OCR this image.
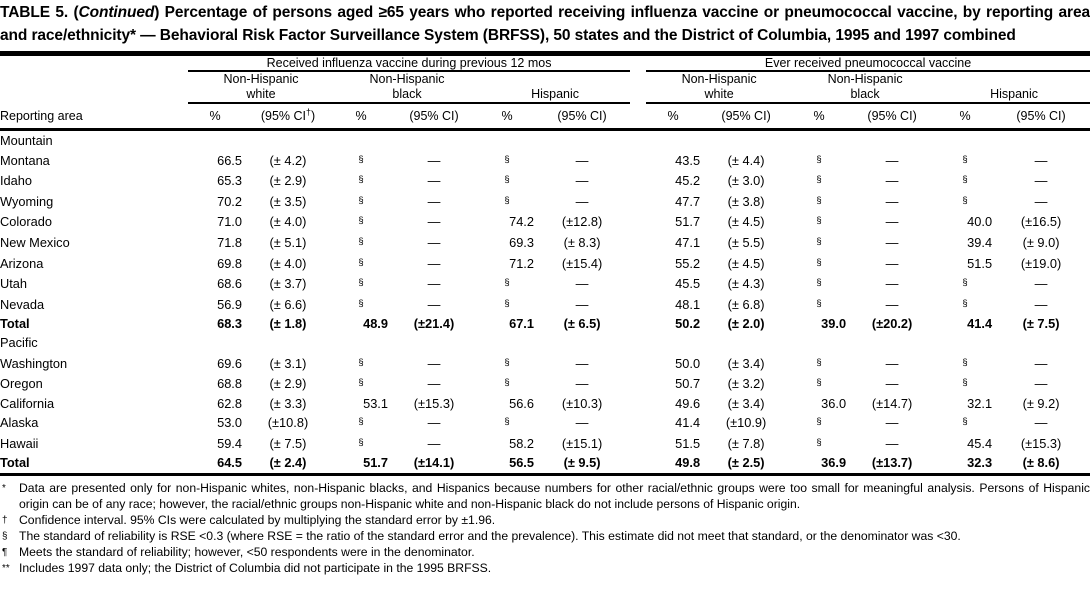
TABLE 5. (Continued) Percentage of persons aged ≥65 years who reported receiving influenza vaccine or pneumococcal vaccine, by reporting area and race/ethnicity* — Behavioral Risk Factor Surveillance System (BRFSS), 50 states and the District of Columbia, 1995 and 1997 combined
	Received influenza vaccine during previous 12 mos							Ever received pneumococcal vaccine					

Non-Hispanic
white

Non-Hispanic
black	Hispanic

Non-Hispanic
white

Non-Hispanic
black	Hispanic

Reporting area	%	(95% CI†)	%	(95% CI)	%	(95% CI)		%	(95% CI)	%	(95% CI)	%	(95% CI)
Mountain													
Montana	66.5	(± 4.2)	§	—	§	—		43.5	(± 4.4)	§	—	§	—
Idaho	65.3	(± 2.9)	§	—	§	—		45.2	(± 3.0)	§	—	§	—
Wyoming	70.2	(± 3.5)	§	—	§	—		47.7	(± 3.8)	§	—	§	—
Colorado	71.0	(± 4.0)	§	—	74.2	(±12.8)		51.7	(± 4.5)	§	—	40.0	(±16.5)
New Mexico	71.8	(± 5.1)	§	—	69.3	(± 8.3)		47.1	(± 5.5)	§	—	39.4	(± 9.0)
Arizona	69.8	(± 4.0)	§	—	71.2	(±15.4)		55.2	(± 4.5)	§	—	51.5	(±19.0)
Utah	68.6	(± 3.7)	§	—	§	—		45.5	(± 4.3)	§	—	§	—
Nevada	56.9	(± 6.6)	§	—	§	—		48.1	(± 6.8)	§	—	§	—
Total	68.3	(± 1.8)	48.9	(±21.4)	67.1	(± 6.5)		50.2	(± 2.0)	39.0	(±20.2)	41.4	(± 7.5)
Pacific													
Washington	69.6	(± 3.1)	§	—	§	—		50.0	(± 3.4)	§	—	§	—
Oregon	68.8	(± 2.9)	§	—	§	—		50.7	(± 3.2)	§	—	§	—
California	62.8	(± 3.3)	53.1	(±15.3)	56.6	(±10.3)		49.6	(± 3.4)	36.0	(±14.7)	32.1	(± 9.2)
Alaska	53.0	(±10.8)	§	—	§	—		41.4	(±10.9)	§	—	§	—
Hawaii	59.4	(± 7.5)	§	—	58.2	(±15.1)		51.5	(± 7.8)	§	—	45.4	(±15.3)
Total	64.5	(± 2.4)	51.7	(±14.1)	56.5	(± 9.5)		49.8	(± 2.5)	36.9	(±13.7)	32.3	(± 8.6)
* Data are presented only for non-Hispanic whites, non-Hispanic blacks, and Hispanics because numbers for other racial/ethnic groups were too small for meaningful analysis. Persons of Hispanic origin can be of any race; however, the racial/ethnic groups non-Hispanic white and non-Hispanic black do not include persons of Hispanic origin.
† Confidence interval. 95% CIs were calculated by multiplying the standard error by ±1.96.
§ The standard of reliability is RSE <0.3 (where RSE = the ratio of the standard error and the prevalence). This estimate did not meet that standard, or the denominator was <30.
¶ Meets the standard of reliability; however, <50 respondents were in the denominator.
** Includes 1997 data only; the District of Columbia did not participate in the 1995 BRFSS.
